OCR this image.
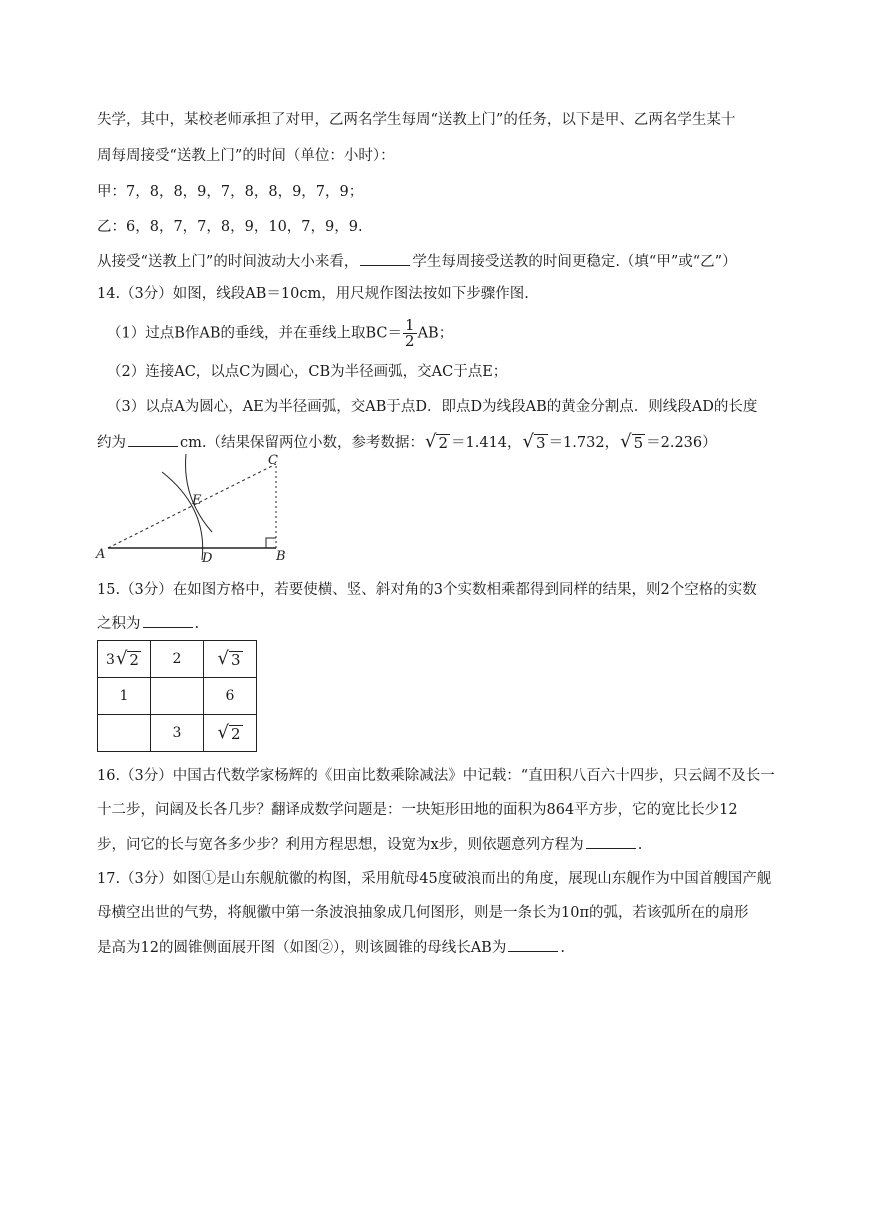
失学，其中，某校老师承担了对甲，乙两名学生每周“送教上门”的任务，以下是甲、乙两名学生某十
周每周接受“送教上门”的时间（单位：小时）：
甲：7，8，8，9，7，8，8，9，7，9；
乙：6，8，7，7，8，9，10，7，9，9.
从接受“送教上门”的时间波动大小来看，	学生每周接受送教的时间更稳定.（填“甲”或“乙”）
14.（3分）如图，线段AB＝10cm，用尺规作图法按如下步骤作图.
（1）过点B作AB的垂线，并在垂线上取$BC= \frac{1}{2}$ AB；
（2）连接AC，以点C为圆心，CB为半径画弧，交AC于点E；
（3）以点A为圆心，AE为半径画弧，交AB于点D．即点D为线段AB的黄金分割点．则线段AD的长度
约为	cm.（结果保留两位小数，参考数据： √ 2 ＝1.414， √ 3 ＝1.732， √ 5 ＝2.236）
A	B
C
D
E
15.（3分）在如图方格中，若要使横、竖、斜对角的3个实数相乘都得到同样的结果，则2个空格的实数
之积为	.
3 √ 2	2	√ 3

1		6
	3	√ 2
16.（3分）中国古代数学家杨辉的《田亩比数乘除减法》中记载：“直田积八百六十四步，只云阔不及长一
十二步，问阔及长各几步？翻译成数学问题是：一块矩形田地的面积为864平方步，它的宽比长少12
步，问它的长与宽各多少步？利用方程思想，设宽为x步，则依题意列方程为	.
17.（3分）如图①是山东舰航徽的构图，采用航母45度破浪而出的角度，展现山东舰作为中国首艘国产舰
母横空出世的气势，将舰徽中第一条波浪抽象成几何图形，则是一条长为10π的弧，若该弧所在的扇形
是高为12的圆锥侧面展开图（如图②），则该圆锥的母线长AB为	.
